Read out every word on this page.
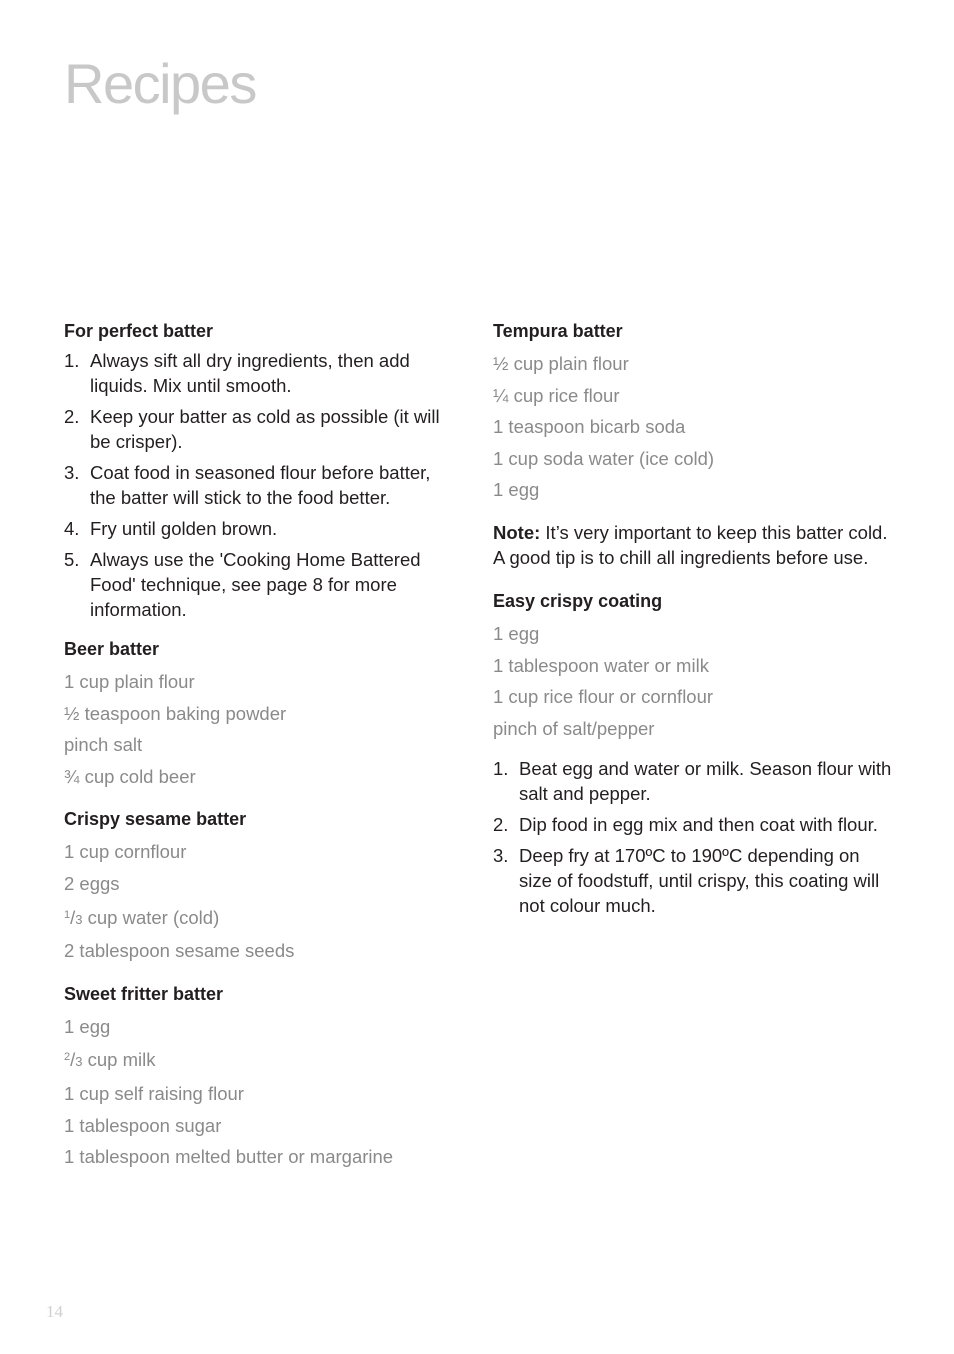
Recipes
For perfect batter
1. Always sift all dry ingredients, then add liquids. Mix until smooth.
2. Keep your batter as cold as possible (it will be crisper).
3. Coat food in seasoned flour before batter, the batter will stick to the food better.
4. Fry until golden brown.
5. Always use the 'Cooking Home Battered Food' technique, see page 8 for more information.
Beer batter
1 cup plain flour
½ teaspoon baking powder
pinch salt
¾ cup cold beer
Crispy sesame batter
1 cup cornflour
2 eggs
$^1$/3 cup water (cold)
2 tablespoon sesame seeds
Sweet fritter batter
1 egg
$^2$/3 cup milk
1 cup self raising flour
1 tablespoon sugar
1 tablespoon melted butter or margarine
Tempura batter
½ cup plain flour
¼ cup rice flour
1 teaspoon bicarb soda
1 cup soda water (ice cold)
1 egg

Note: It’s very important to keep this batter cold. A good tip is to chill all ingredients before use.

Easy crispy coating
1 egg
1 tablespoon water or milk
1 cup rice flour or cornflour
pinch of salt/pepper
1. Beat egg and water or milk. Season flour with salt and pepper.
2. Dip food in egg mix and then coat with flour.
3. Deep fry at 170ºC to 190ºC depending on size of foodstuff, until crispy, this coating will not colour much.
14
